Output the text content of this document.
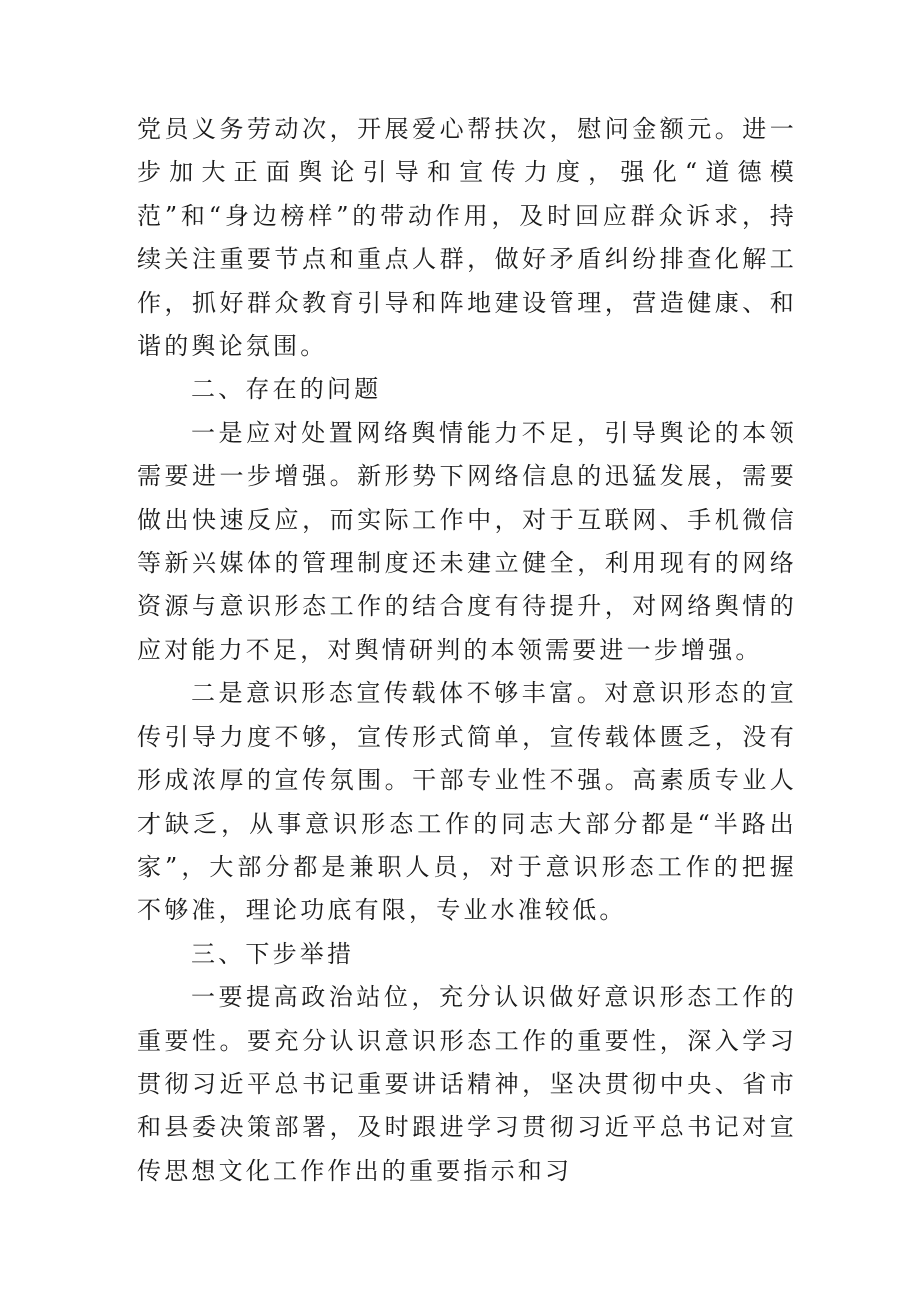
党员义务劳动次，开展爱心帮扶次，慰问金额元。进一步加大正面舆论引导和宣传力度，强化“道德模范”和“身边榜样”的带动作用，及时回应群众诉求，持续关注重要节点和重点人群，做好矛盾纠纷排查化解工作，抓好群众教育引导和阵地建设管理，营造健康、和谐的舆论氛围。

二、存在的问题

一是应对处置网络舆情能力不足，引导舆论的本领需要进一步增强。新形势下网络信息的迅猛发展，需要做出快速反应，而实际工作中，对于互联网、手机微信等新兴媒体的管理制度还未建立健全，利用现有的网络资源与意识形态工作的结合度有待提升，对网络舆情的应对能力不足，对舆情研判的本领需要进一步增强。

二是意识形态宣传载体不够丰富。对意识形态的宣传引导力度不够，宣传形式简单，宣传载体匮乏，没有形成浓厚的宣传氛围。干部专业性不强。高素质专业人才缺乏，从事意识形态工作的同志大部分都是“半路出家”，大部分都是兼职人员，对于意识形态工作的把握不够准，理论功底有限，专业水准较低。

三、下步举措

一要提高政治站位，充分认识做好意识形态工作的重要性。要充分认识意识形态工作的重要性，深入学习贯彻习近平总书记重要讲话精神，坚决贯彻中央、省市和县委决策部署，及时跟进学习贯彻习近平总书记对宣传思想文化工作作出的重要指示和习
